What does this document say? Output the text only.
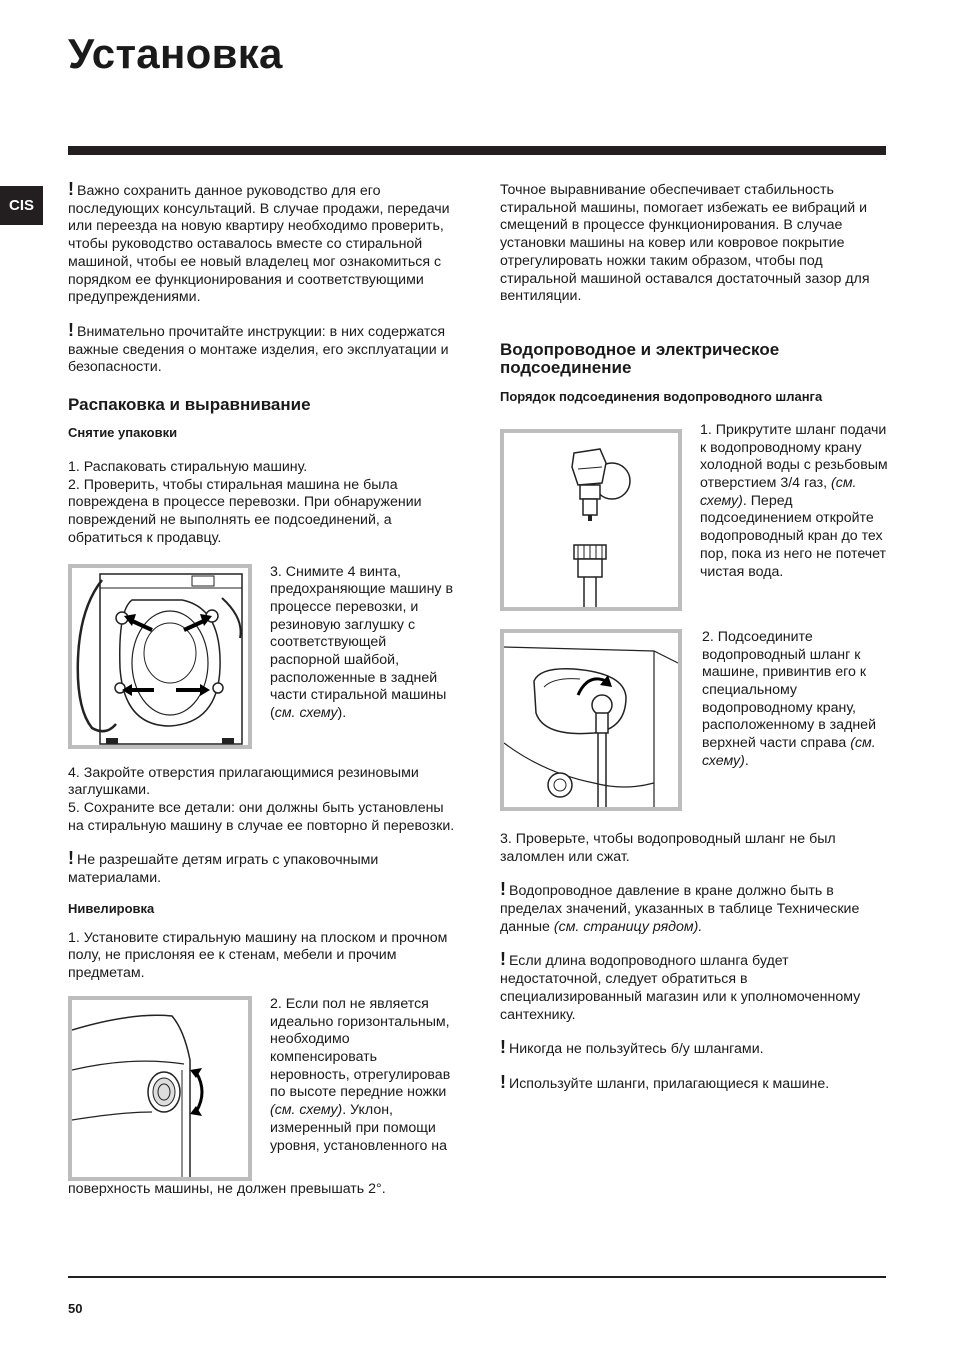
Установка
CIS

! Важно сохранить данное руководство для его последующих консультаций. В случае продажи, передачи или переезда на новую квартиру необходимо проверить, чтобы руководство оставалось вместе со стиральной машиной, чтобы ее новый владелец мог ознакомиться с порядком ее функционирования и соответствующими предупреждениями.

! Внимательно прочитайте инструкции: в них содержатся важные сведения о монтаже изделия, его эксплуатации и безопасности.

Распаковка и выравнивание
Снятие упаковки

1. Распаковать стиральную машину.

2. Проверить, чтобы стиральная машина не была повреждена в процессе перевозки. При обнаружении повреждений не выполнять ее подсоединений, а обратиться к продавцу.

3. Снимите 4 винта, предохраняющие машину в процессе перевозки, и резиновую заглушку с соответствующей распорной шайбой, расположенные в задней части стиральной машины (см. схему).

4. Закройте отверстия прилагающимися резиновыми заглушками.

5. Сохраните все детали: они должны быть установлены на стиральную машину в случае ее повторно й перевозки.

! Не разрешайте детям играть с упаковочными материалами.

Нивелировка

1. Установите стиральную машину на плоском и прочном полу, не прислоняя ее к стенам, мебели и прочим предметам.

2. Если пол не является идеально горизонтальным, необходимо компенсировать неровность, отрегулировав по высоте передние ножки (см. схему). Уклон, измеренный при помощи уровня, установленного на

поверхность машины, не должен превышать 2°.

Точное выравнивание обеспечивает стабильность стиральной машины, помогает избежать ее вибраций и смещений в процессе функционирования. В случае установки машины на ковер или ковровое покрытие отрегулировать ножки таким образом, чтобы под стиральной машиной оставался достаточный зазор для вентиляции.

Водопроводное и электрическое подсоединение
Порядок подсоединения водопроводного шланга

1. Прикрутите шланг подачи к водопроводному крану холодной воды с резьбовым отверстием 3/4 газ, (см. схему). Перед подсоединением откройте водопроводный кран до тех пор, пока из него не потечет чистая вода.

2. Подсоедините водопроводный шланг к машине, привинтив его к специальному водопроводному крану, расположенному в задней верхней части справа (см. схему).

3. Проверьте, чтобы водопроводный шланг не был заломлен или сжат.

! Водопроводное давление в кране должно быть в пределах значений, указанных в таблице Технические данные (см. страницу рядом).

! Если длина водопроводного шланга будет недостаточной, следует обратиться в специализированный магазин или к уполномоченному сантехнику.

! Никогда не пользуйтесь б/у шлангами.

! Используйте шланги, прилагающиеся к машине.

50
